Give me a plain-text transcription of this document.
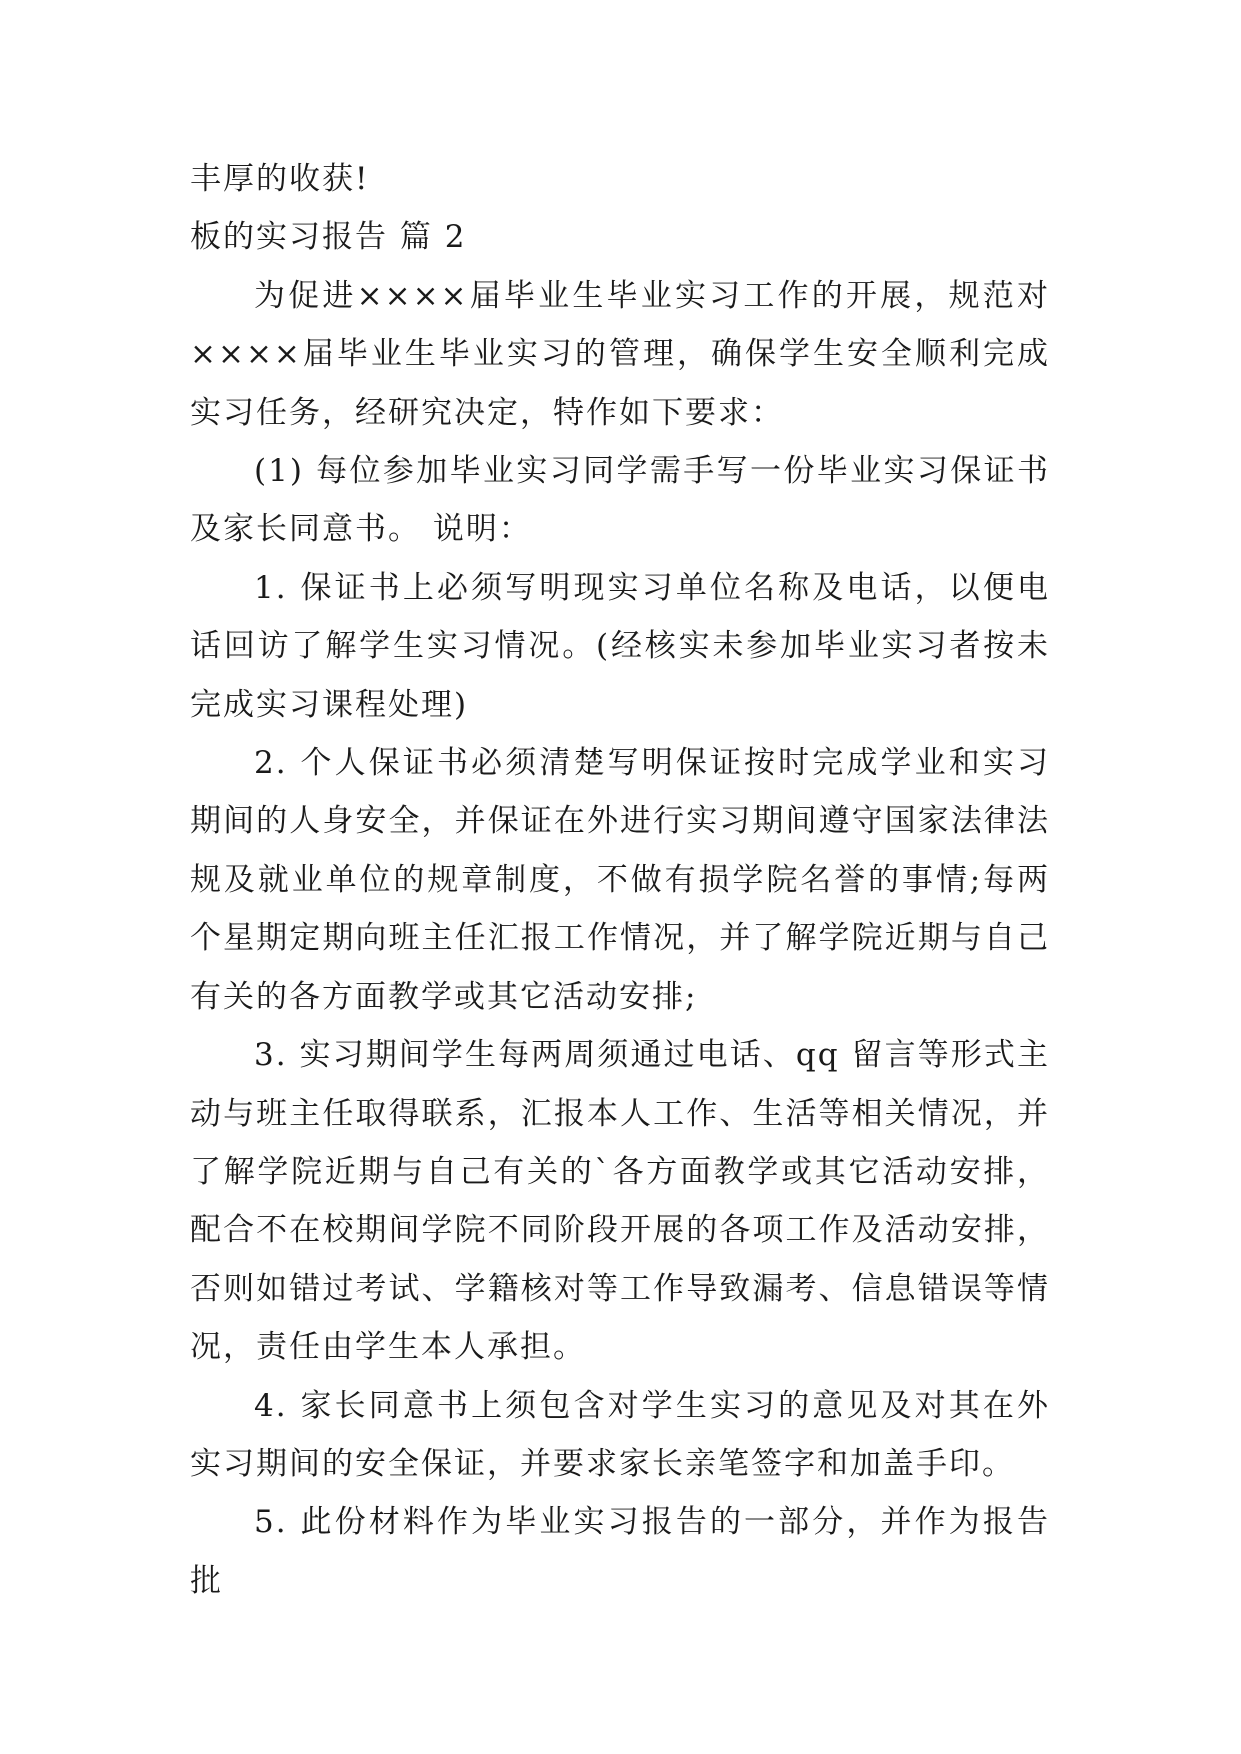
丰厚的收获!
板的实习报告 篇 2

为促进××××届毕业生毕业实习工作的开展，规范对××××届毕业生毕业实习的管理，确保学生安全顺利完成实习任务，经研究决定，特作如下要求：

(1) 每位参加毕业实习同学需手写一份毕业实习保证书及家长同意书。 说明：

1. 保证书上必须写明现实习单位名称及电话，以便电话回访了解学生实习情况。(经核实未参加毕业实习者按未完成实习课程处理)

2. 个人保证书必须清楚写明保证按时完成学业和实习期间的人身安全，并保证在外进行实习期间遵守国家法律法规及就业单位的规章制度，不做有损学院名誉的事情;每两个星期定期向班主任汇报工作情况，并了解学院近期与自己有关的各方面教学或其它活动安排;

3. 实习期间学生每两周须通过电话、qq 留言等形式主动与班主任取得联系，汇报本人工作、生活等相关情况，并了解学院近期与自己有关的`各方面教学或其它活动安排，配合不在校期间学院不同阶段开展的各项工作及活动安排，否则如错过考试、学籍核对等工作导致漏考、信息错误等情况，责任由学生本人承担。

4. 家长同意书上须包含对学生实习的意见及对其在外实习期间的安全保证，并要求家长亲笔签字和加盖手印。

5. 此份材料作为毕业实习报告的一部分，并作为报告批
